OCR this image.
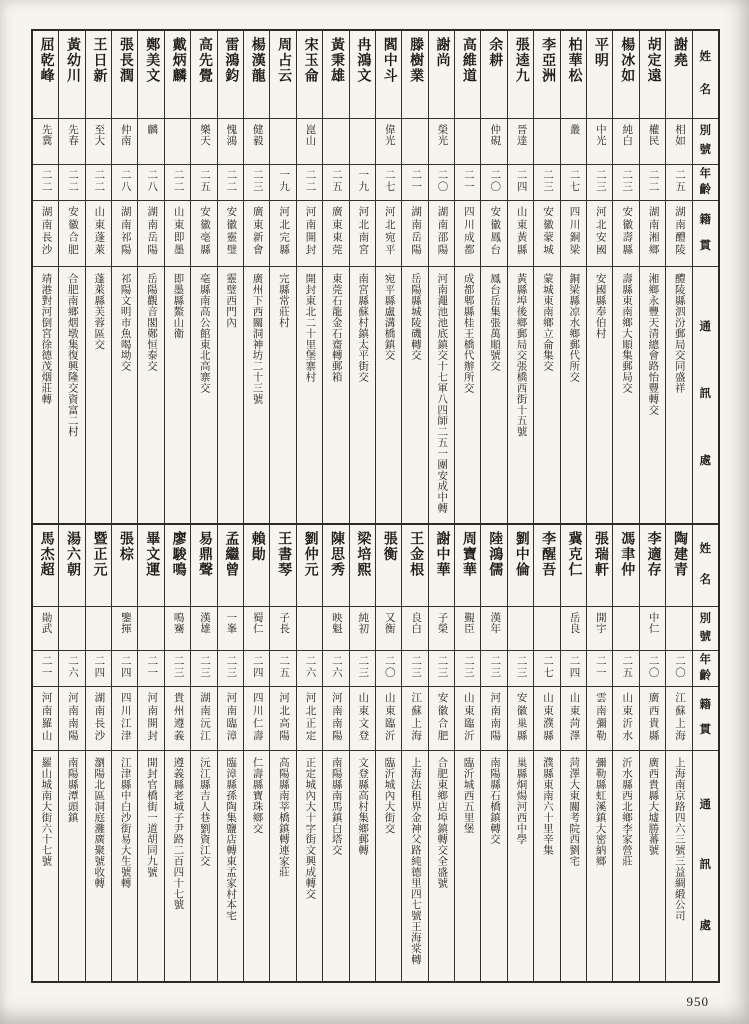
姓
名
別
號
年
齡
籍
貫
通
訊
處
謝堯
相如
二五
湖南醴陵
醴陵縣泗汾郵局交同盛祥
胡定遠
權民
二二
湖南湘鄉
湘鄉永豐天清總會路怡豐轉交
楊冰如
純白
二三
安徽壽縣
壽縣東南鄉大順集郵局交
平明
中光
二三
河北安國
安國縣奉伯村
柏華松
叢
二七
四川銅梁
銅梁縣凉水鄉郵代所交
李亞洲
二三
安徽蒙城
蒙城東南鄉立侖集交
張逵九
晉達
二四
山東黃縣
黃縣埠後鄉郵局交張橋西街十五號
余耕
仲硯
二〇
安徽鳳台
鳳台岳集張萬順號交
高維道
二一
四川成都
成都郫縣桂王橋代辦所交
謝尚
榮光
二〇
湖南邵陽
河南澠池池底鎮交十七軍八四師二五一團安成中轉
滕樹業
二一
湖南岳陽
岳陽縣城陵磯轉交
閻中斗
偉光
二七
河北宛平
宛平縣盧溝橋鎮交
冉鴻文
一九
河北南宮
南宮縣蘇村鎮太平街交
黃秉雄
二五
廣東東莞
東莞石龍金石齋轉郵箱
宋玉侖
崑山
二二
河南開封
開封東北二十里堡寨村
周占云
一九
河北完縣
完縣常莊村
楊漢龍
健毅
二三
廣東新會
廣州下西關洞神坊二十三號
雷鴻鈞
愧鴻
二二
安徽靈璧
靈璧西門內
高先覺
樂天
二五
安徽亳縣
亳縣南高公館東北高寨交
戴炳麟
二二
山東即墨
即墨縣鰲山衛
鄭美文
麟
二八
湖南岳陽
岳陽觀音閣鄭恒泰交
張長潤
仲南
二八
湖南祁陽
祁陽文明市魚喝坳交
王日新
至大
二二
山東蓬萊
蓬萊縣芙蓉區交
黃幼川
先春
二二
安徽合肥
合肥南鄉烟墩集復興隆交資富二村
屈乾峰
先冀
二二
湖南長沙
靖港對河倒宮徐德茂烟莊轉
姓
名
別
號
年
齡
籍
貫
通
訊
處
陶建青
二〇
江蘇上海
上海南京路四六三號三益綢緞公司
李適存
中仁
二〇
廣西貴縣
廣西貴縣大墟勝蕃號
馮聿仲
二五
山東沂水
沂水縣西北鄉李家營莊
張瑞軒
開宇
二一
雲南彌勒
彌勒縣虹溪鎮大密納鄉
冀克仁
岳良
二四
山東菏澤
菏澤大東關考院西劉宅
李醒吾
二七
山東濮縣
濮縣東南六十里辛集
劉中倫
二三
安徽巢縣
巢縣烔煬河西中學
陸鴻儒
漢年
二三
河南南陽
南陽縣石橋鎮轉交
周寶華
覲臣
二三
山東臨沂
臨沂城西五里堡
謝中華
子榮
二三
安徽合肥
合肥東鄉店埠鎮轉交全盛號
王金根
良白
二三
江蘇上海
上海法租界金神父路純德里四七號王海棠轉
張衡
又衡
二〇
山東臨沂
臨沂城內大街交
梁培熙
純初
二三
山東文登
文登縣高村集鄉郵轉
陳思秀
映魁
二六
河南南陽
南陽縣南馬鎮白塔交
劉仲元
二六
河北正定
正定城內大十字街文興成轉交
王書琴
子長
二五
河北高陽
高陽縣南莘橋鎮轉連家莊
賴勛
蜀仁
二四
四川仁壽
仁壽縣寶珠鄉交
孟繼曾
一峯
二三
河南臨漳
臨漳縣孫陶集鹽店轉東孟家村本宅
易鼎聲
漢雄
二三
湖南沅江
沅江縣吉人巷劉資江交
廖駿鳴
鳴騫
二三
貴州遵義
遵義縣老城子尹路二百四十七號
畢文運
二一
河南開封
開封官橋街一道胡同九號
張棕
鑒揮
二四
四川江津
江津縣中白沙街易大生號轉
暨正元
二四
湖南長沙
瀏陽北區洞庭灘廣聚號收轉
湯六朝
二六
河南南陽
南陽縣潭頭鎮
馬杰超
勛武
二一
河南羅山
羅山城南大街六十七號
950
